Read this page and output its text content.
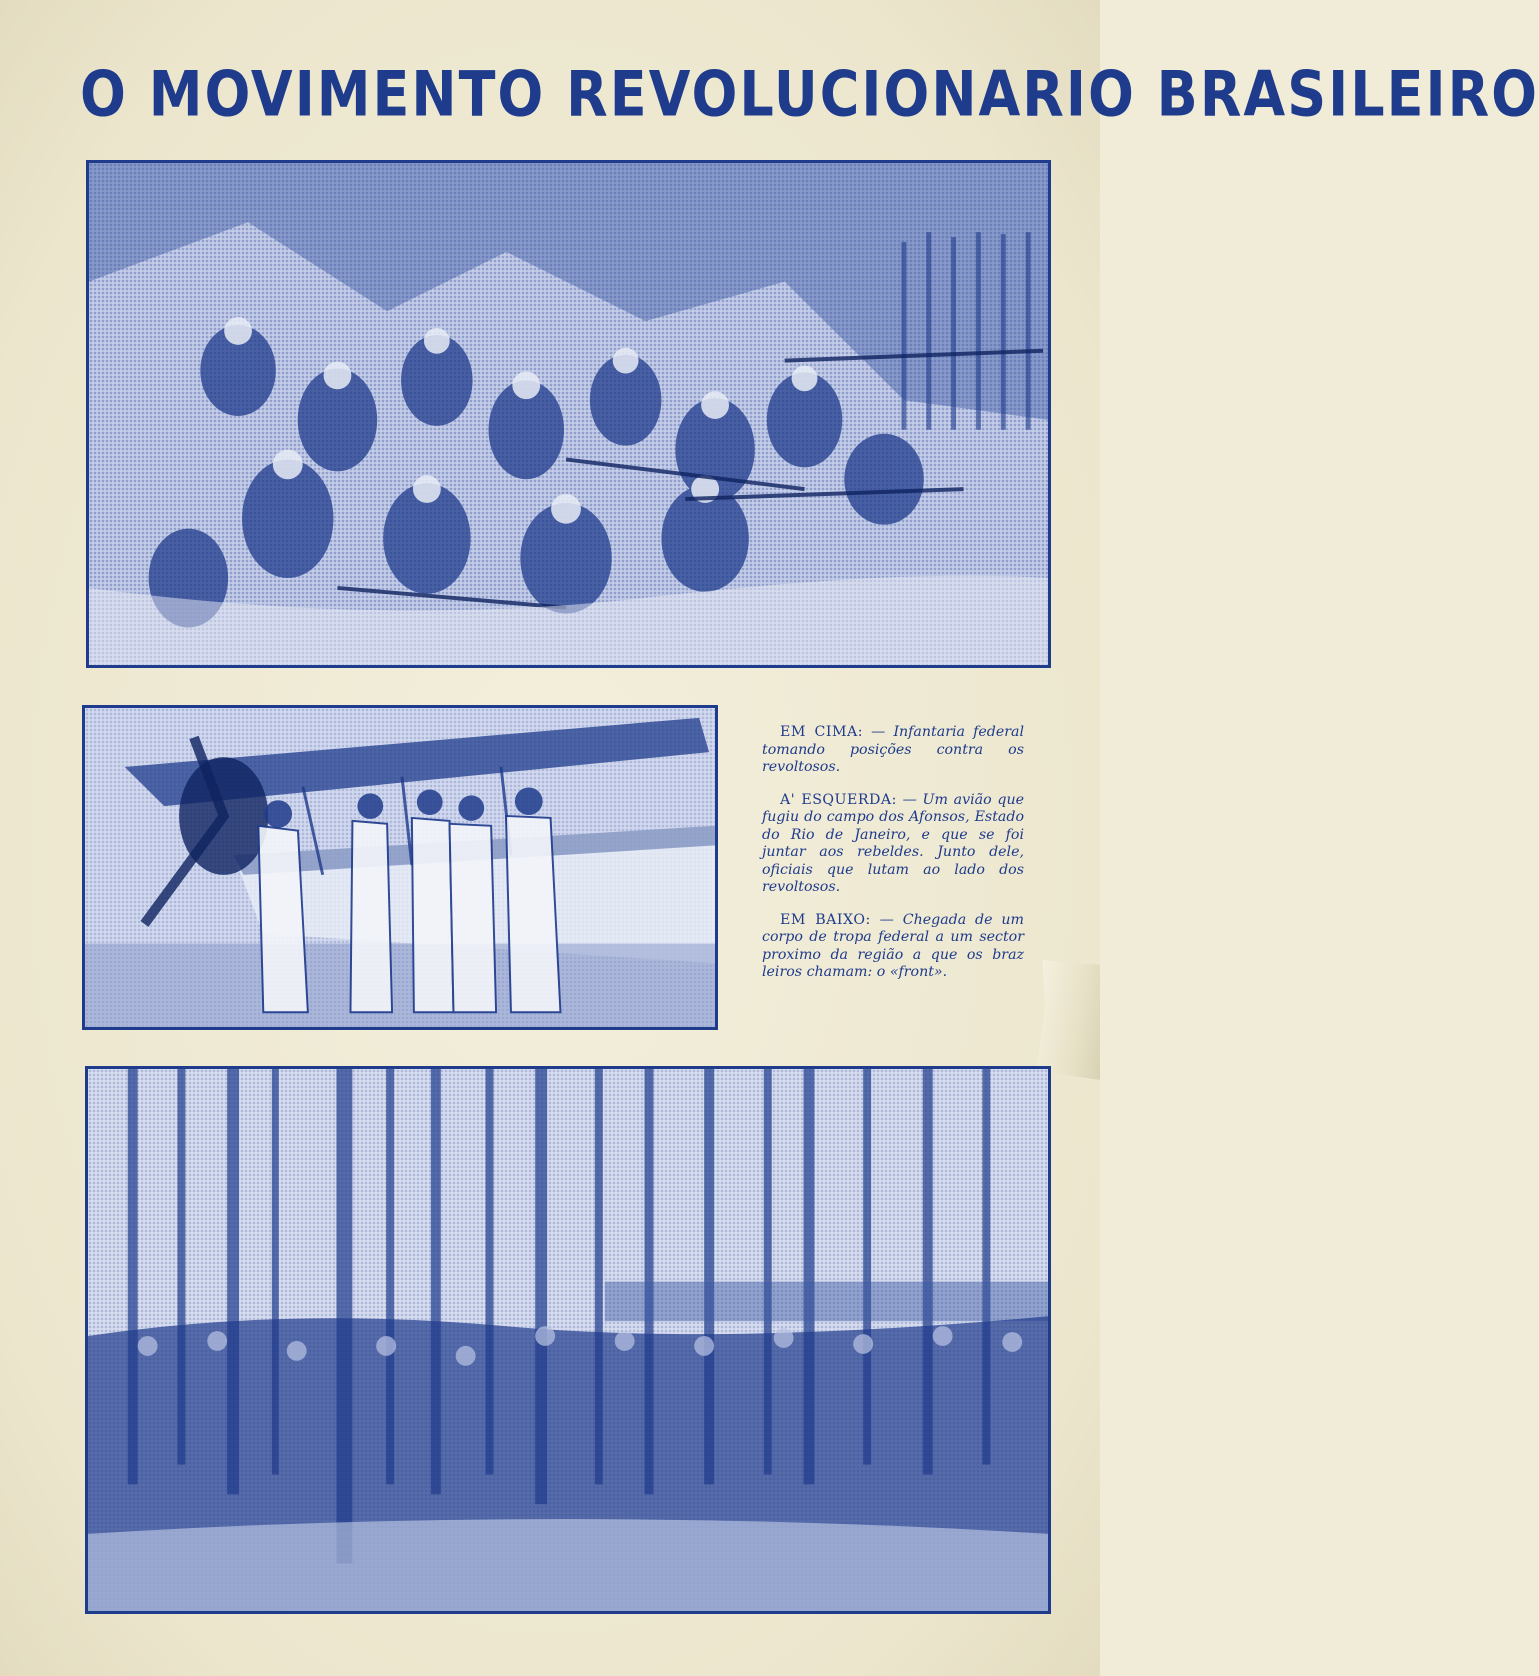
O MOVIMENTO REVOLUCIONARIO BRASILEIRO

EM CIMA: — Infantaria federal tomando posições contra os revoltosos.

A' ESQUERDA: — Um avião que fugiu do campo dos Afonsos, Estado do Rio de Janeiro, e que se foi juntar aos rebeldes. Junto dele, oficiais que lutam ao lado dos revoltosos.

EM BAIXO: — Chegada de um corpo de tropa federal a um sector proximo da região a que os braz leiros chamam: o «front».
